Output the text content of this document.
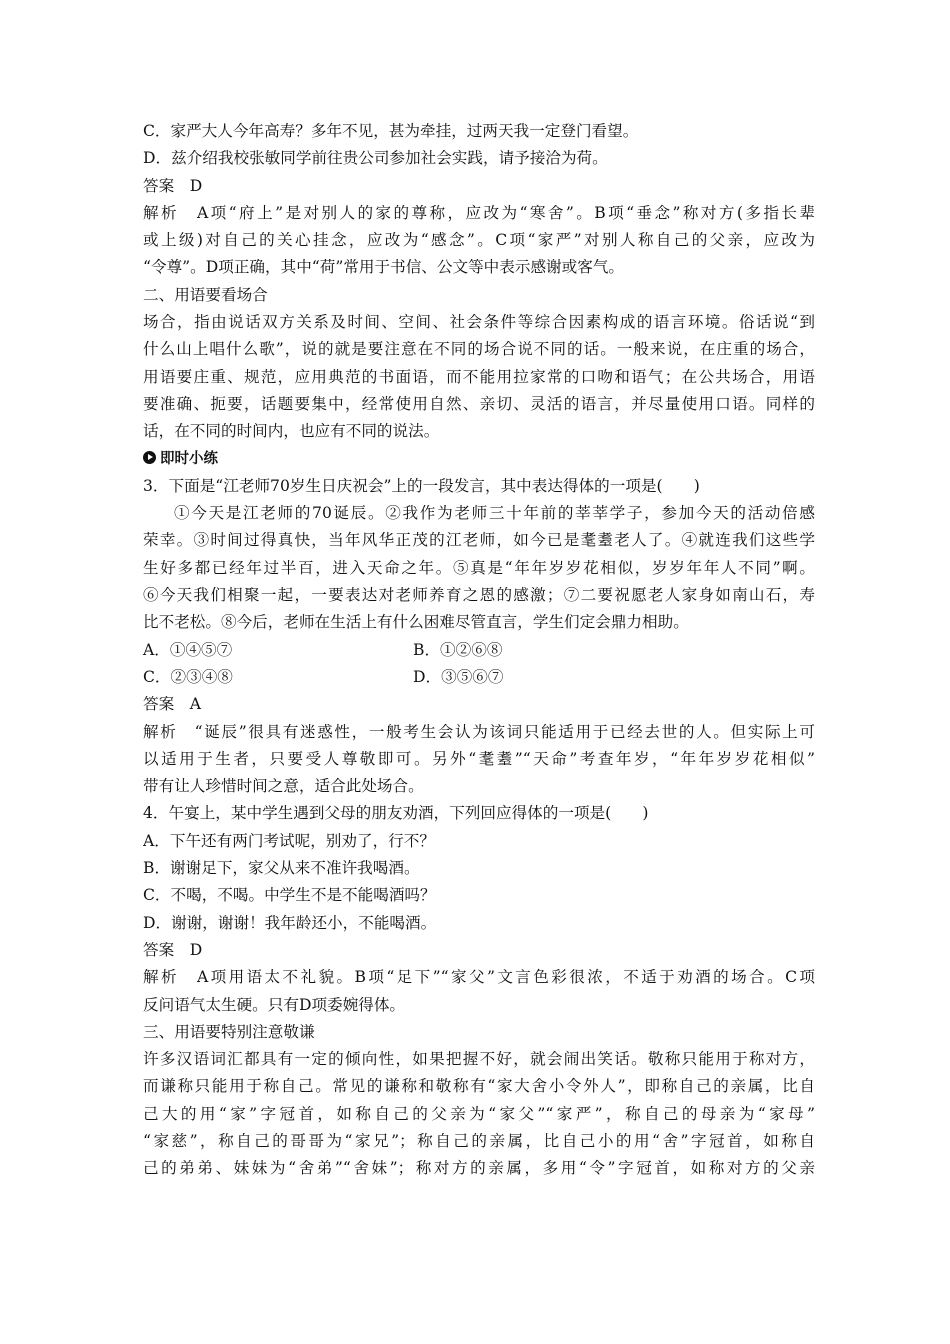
C．家严大人今年高寿？多年不见，甚为牵挂，过两天我一定登门看望。
D．兹介绍我校张敏同学前往贵公司参加社会实践，请予接洽为荷。
答案　D
解析　A项“府上”是对别人的家的尊称，应改为“寒舍”。B项“垂念”称对方(多指长辈
或上级)对自己的关心挂念，应改为“感念”。C项“家严”对别人称自己的父亲，应改为
“令尊”。D项正确，其中“荷”常用于书信、公文等中表示感谢或客气。
二、用语要看场合
场合，指由说话双方关系及时间、空间、社会条件等综合因素构成的语言环境。俗话说“到
什么山上唱什么歌”，说的就是要注意在不同的场合说不同的话。一般来说，在庄重的场合，
用语要庄重、规范，应用典范的书面语，而不能用拉家常的口吻和语气；在公共场合，用语
要准确、扼要，话题要集中，经常使用自然、亲切、灵活的语言，并尽量使用口语。同样的
话，在不同的时间内，也应有不同的说法。
即时小练
3．下面是“江老师70岁生日庆祝会”上的一段发言，其中表达得体的一项是(　　)
①今天是江老师的70诞辰。②我作为老师三十年前的莘莘学子，参加今天的活动倍感
荣幸。③时间过得真快，当年风华正茂的江老师，如今已是耄耋老人了。④就连我们这些学
生好多都已经年过半百，进入天命之年。⑤真是“年年岁岁花相似，岁岁年年人不同”啊。
⑥今天我们相聚一起，一要表达对老师养育之恩的感激；⑦二要祝愿老人家身如南山石，寿
比不老松。⑧今后，老师在生活上有什么困难尽管直言，学生们定会鼎力相助。
A．①④⑤⑦	B．①②⑥⑧
C．②③④⑧	D．③⑤⑥⑦
答案　A
解析　“诞辰”很具有迷惑性，一般考生会认为该词只能适用于已经去世的人。但实际上可
以适用于生者，只要受人尊敬即可。另外“耄耋”“天命”考查年岁，“年年岁岁花相似”
带有让人珍惜时间之意，适合此处场合。
4．午宴上，某中学生遇到父母的朋友劝酒，下列回应得体的一项是(　　)
A．下午还有两门考试呢，别劝了，行不？
B．谢谢足下，家父从来不准许我喝酒。
C．不喝，不喝。中学生不是不能喝酒吗？
D．谢谢，谢谢！我年龄还小，不能喝酒。
答案　D
解析　A项用语太不礼貌。B项“足下”“家父”文言色彩很浓，不适于劝酒的场合。C项
反问语气太生硬。只有D项委婉得体。
三、用语要特别注意敬谦
许多汉语词汇都具有一定的倾向性，如果把握不好，就会闹出笑话。敬称只能用于称对方，
而谦称只能用于称自己。常见的谦称和敬称有“家大舍小令外人”，即称自己的亲属，比自
己大的用“家”字冠首，如称自己的父亲为“家父”“家严”，称自己的母亲为“家母”
“家慈”，称自己的哥哥为“家兄”；称自己的亲属，比自己小的用“舍”字冠首，如称自
己的弟弟、妹妹为“舍弟”“舍妹”；称对方的亲属，多用“令”字冠首，如称对方的父亲
